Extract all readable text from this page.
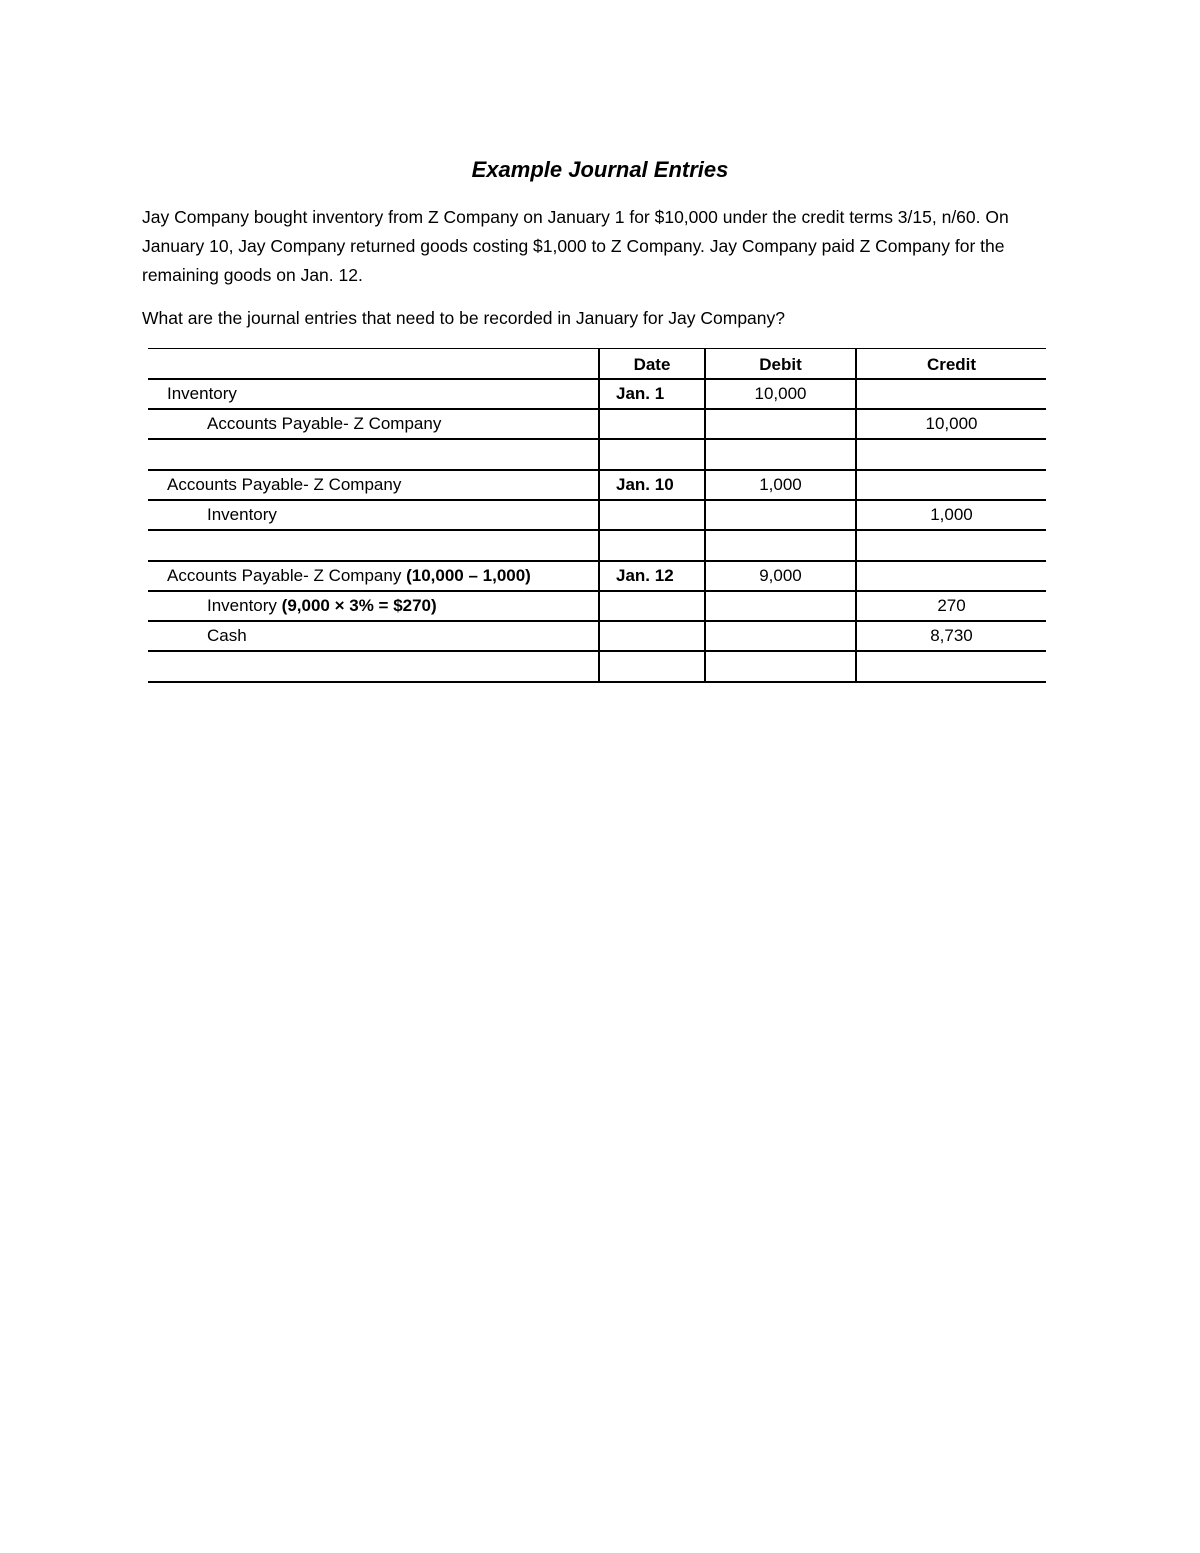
Example Journal Entries

Jay Company bought inventory from Z Company on January 1 for $10,000 under the credit terms 3/15, n/60. On January 10, Jay Company returned goods costing $1,000 to Z Company. Jay Company paid Z Company for the remaining goods on Jan. 12.

What are the journal entries that need to be recorded in January for Jay Company?

	Date	Debit	Credit
Inventory	Jan. 1	10,000	
Accounts Payable- Z Company			10,000

Accounts Payable- Z Company	Jan. 10	1,000	
Inventory			1,000

Accounts Payable- Z Company (10,000 – 1,000)	Jan. 12	9,000	
Inventory (9,000 × 3% = $270)			270
Cash			8,730
